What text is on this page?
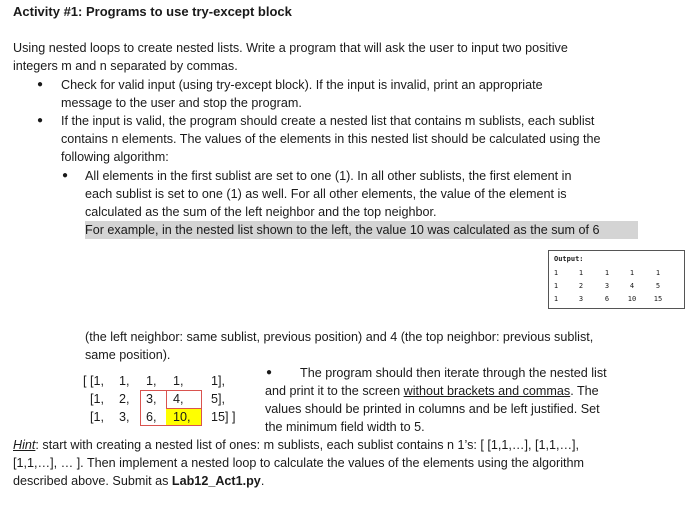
Activity #1: Programs to use try-except block
Using nested loops to create nested lists. Write a program that will ask the user to input two positive
integers m and n separated by commas.
● Check for valid input (using try-except block). If the input is invalid, print an appropriate
message to the user and stop the program.
● If the input is valid, the program should create a nested list that contains m sublists, each sublist
contains n elements. The values of the elements in this nested list should be calculated using the
following algorithm:
● All elements in the first sublist are set to one (1). In all other sublists, the first element in
each sublist is set to one (1) as well. For all other elements, the value of the element is
calculated as the sum of the left neighbor and the top neighbor.
For example, in the nested list shown to the left, the value 10 was calculated as the sum of 6
Output:
1	1	1	1	1
1	2	3	4	5
1	3	6	10	15
(the left neighbor: same sublist, previous position) and 4 (the top neighbor: previous sublist,
same position).
[ [1, 1, 1, 1, 1],
[1, 2, 3, 4, 5],
[1, 3, 6, 10, 15] ]
● The program should then iterate through the nested list
and print it to the screen without brackets and commas. The
values should be printed in columns and be left justified. Set
the minimum field width to 5.
Hint: start with creating a nested list of ones: m sublists, each sublist contains n 1’s: [ [1,1,…], [1,1,…],
[1,1,…], … ]. Then implement a nested loop to calculate the values of the elements using the algorithm
described above. Submit as Lab12_Act1.py.
